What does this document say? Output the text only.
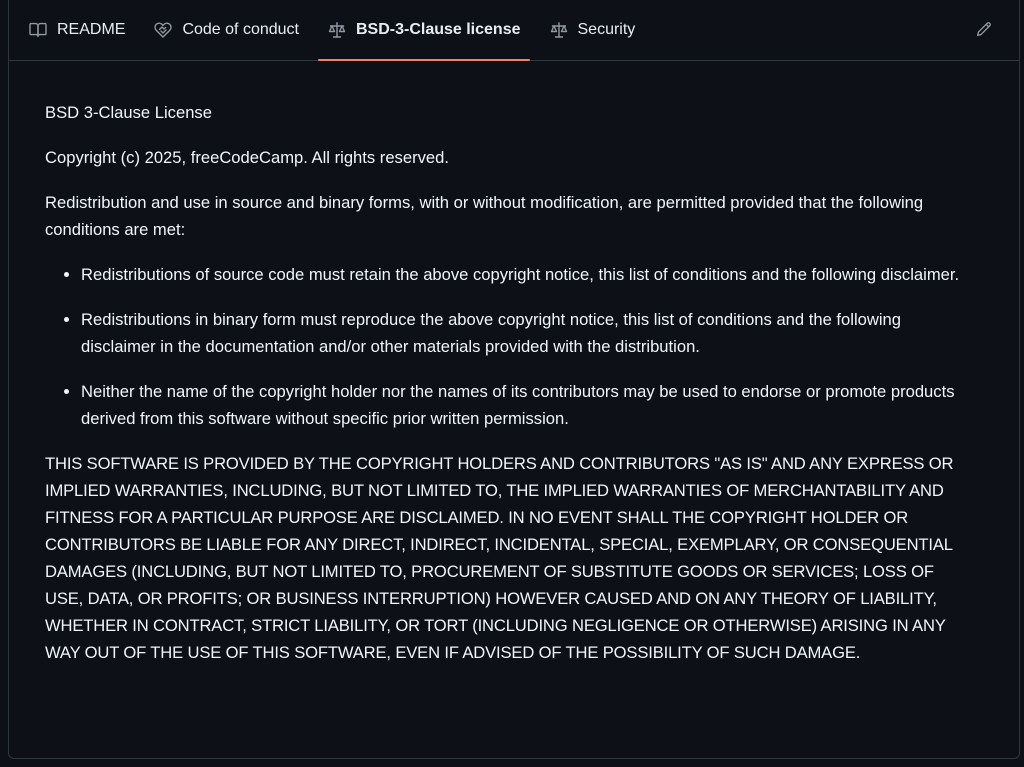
README	Code of conduct	BSD-3-Clause license	Security

BSD 3-Clause License

Copyright (c) 2025, freeCodeCamp. All rights reserved.

Redistribution and use in source and binary forms, with or without modification, are permitted provided that the following conditions are met:

• Redistributions of source code must retain the above copyright notice, this list of conditions and the following disclaimer.
• Redistributions in binary form must reproduce the above copyright notice, this list of conditions and the following disclaimer in the documentation and/or other materials provided with the distribution.
• Neither the name of the copyright holder nor the names of its contributors may be used to endorse or promote products derived from this software without specific prior written permission.

THIS SOFTWARE IS PROVIDED BY THE COPYRIGHT HOLDERS AND CONTRIBUTORS "AS IS" AND ANY EXPRESS OR IMPLIED WARRANTIES, INCLUDING, BUT NOT LIMITED TO, THE IMPLIED WARRANTIES OF MERCHANTABILITY AND FITNESS FOR A PARTICULAR PURPOSE ARE DISCLAIMED. IN NO EVENT SHALL THE COPYRIGHT HOLDER OR CONTRIBUTORS BE LIABLE FOR ANY DIRECT, INDIRECT, INCIDENTAL, SPECIAL, EXEMPLARY, OR CONSEQUENTIAL DAMAGES (INCLUDING, BUT NOT LIMITED TO, PROCUREMENT OF SUBSTITUTE GOODS OR SERVICES; LOSS OF USE, DATA, OR PROFITS; OR BUSINESS INTERRUPTION) HOWEVER CAUSED AND ON ANY THEORY OF LIABILITY, WHETHER IN CONTRACT, STRICT LIABILITY, OR TORT (INCLUDING NEGLIGENCE OR OTHERWISE) ARISING IN ANY WAY OUT OF THE USE OF THIS SOFTWARE, EVEN IF ADVISED OF THE POSSIBILITY OF SUCH DAMAGE.
